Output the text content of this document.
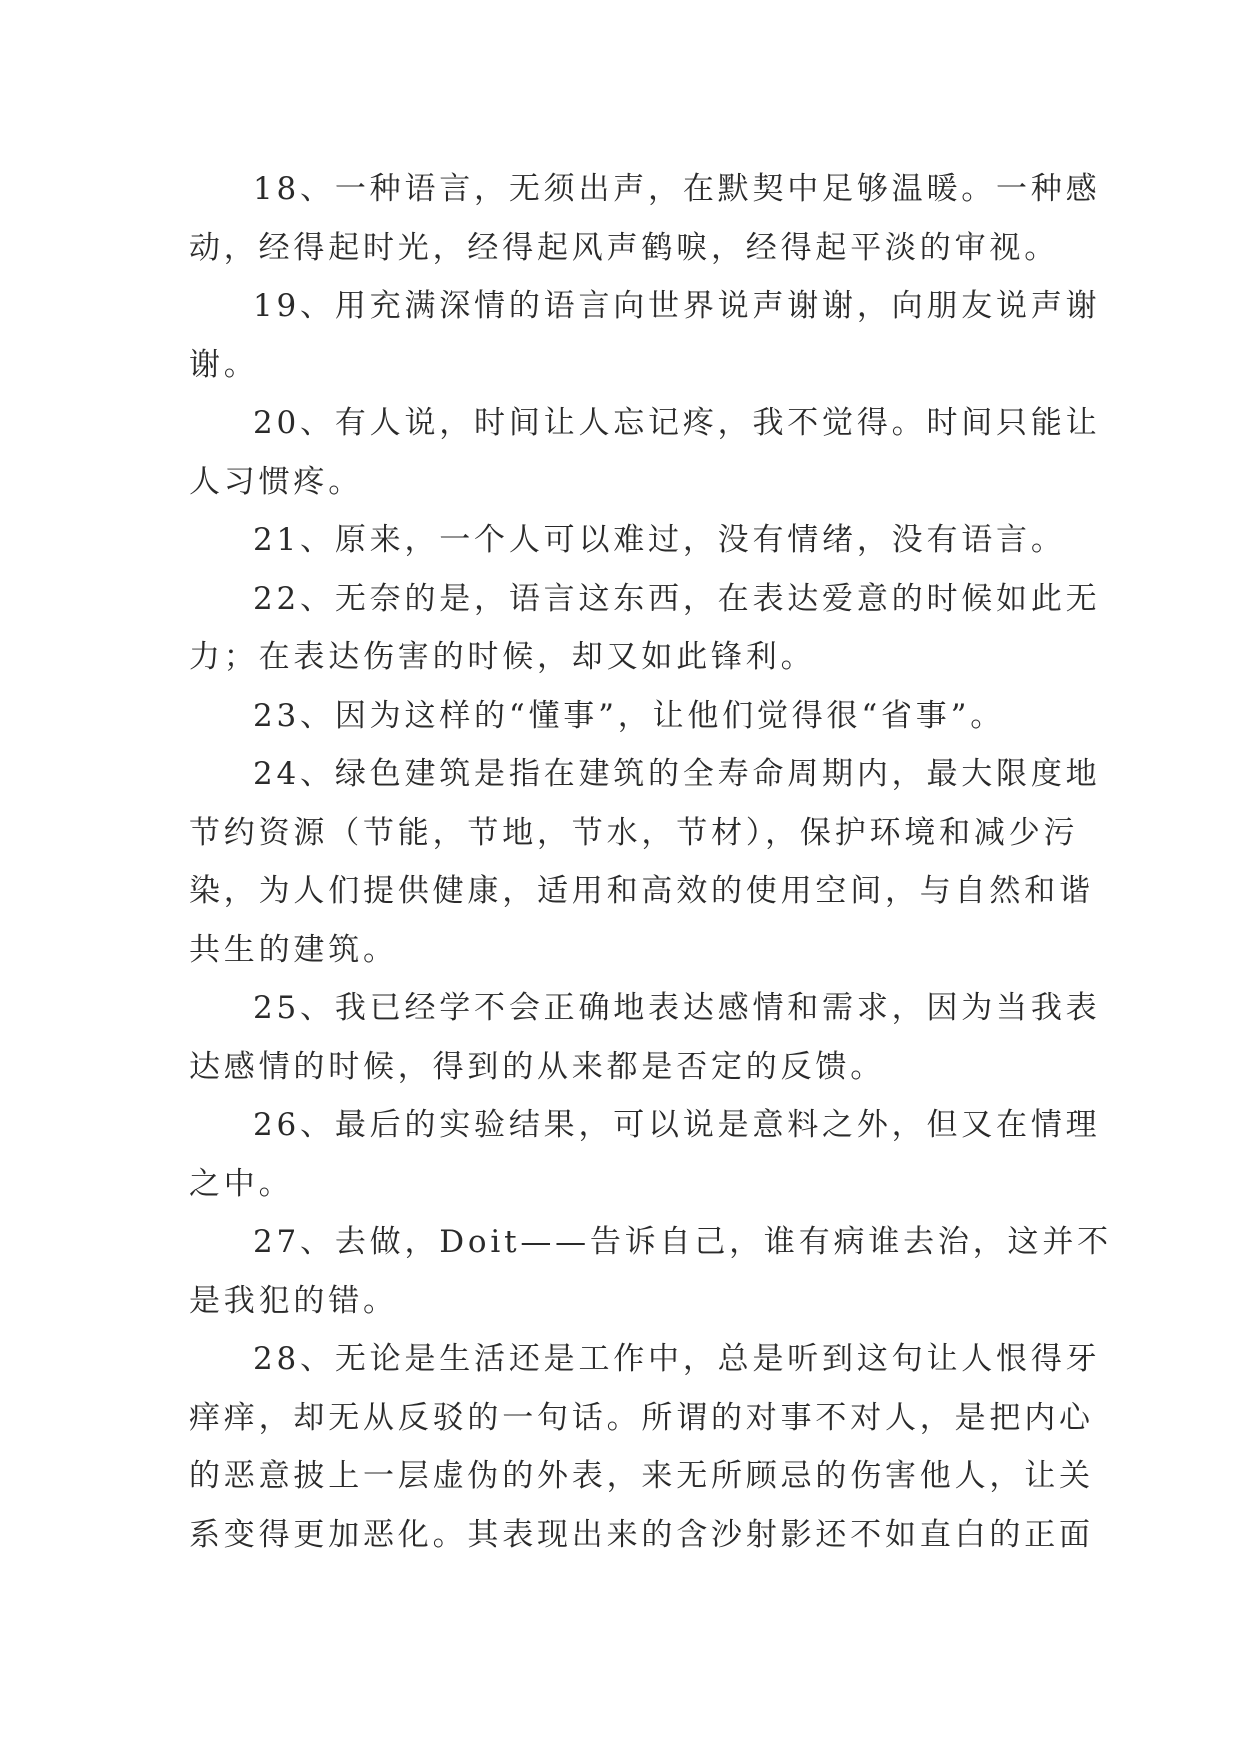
18、一种语言，无须出声，在默契中足够温暖。一种感
动，经得起时光，经得起风声鹤唳，经得起平淡的审视。
19、用充满深情的语言向世界说声谢谢，向朋友说声谢
谢。
20、有人说，时间让人忘记疼，我不觉得。时间只能让
人习惯疼。
21、原来，一个人可以难过，没有情绪，没有语言。
22、无奈的是，语言这东西，在表达爱意的时候如此无
力；在表达伤害的时候，却又如此锋利。
23、因为这样的“懂事”，让他们觉得很“省事”。
24、绿色建筑是指在建筑的全寿命周期内，最大限度地
节约资源（节能，节地，节水，节材），保护环境和减少污
染，为人们提供健康，适用和高效的使用空间，与自然和谐
共生的建筑。
25、我已经学不会正确地表达感情和需求，因为当我表
达感情的时候，得到的从来都是否定的反馈。
26、最后的实验结果，可以说是意料之外，但又在情理
之中。
27、去做，Doit——告诉自己，谁有病谁去治，这并不
是我犯的错。
28、无论是生活还是工作中，总是听到这句让人恨得牙
痒痒，却无从反驳的一句话。所谓的对事不对人，是把内心
的恶意披上一层虚伪的外表，来无所顾忌的伤害他人，让关
系变得更加恶化。其表现出来的含沙射影还不如直白的正面
